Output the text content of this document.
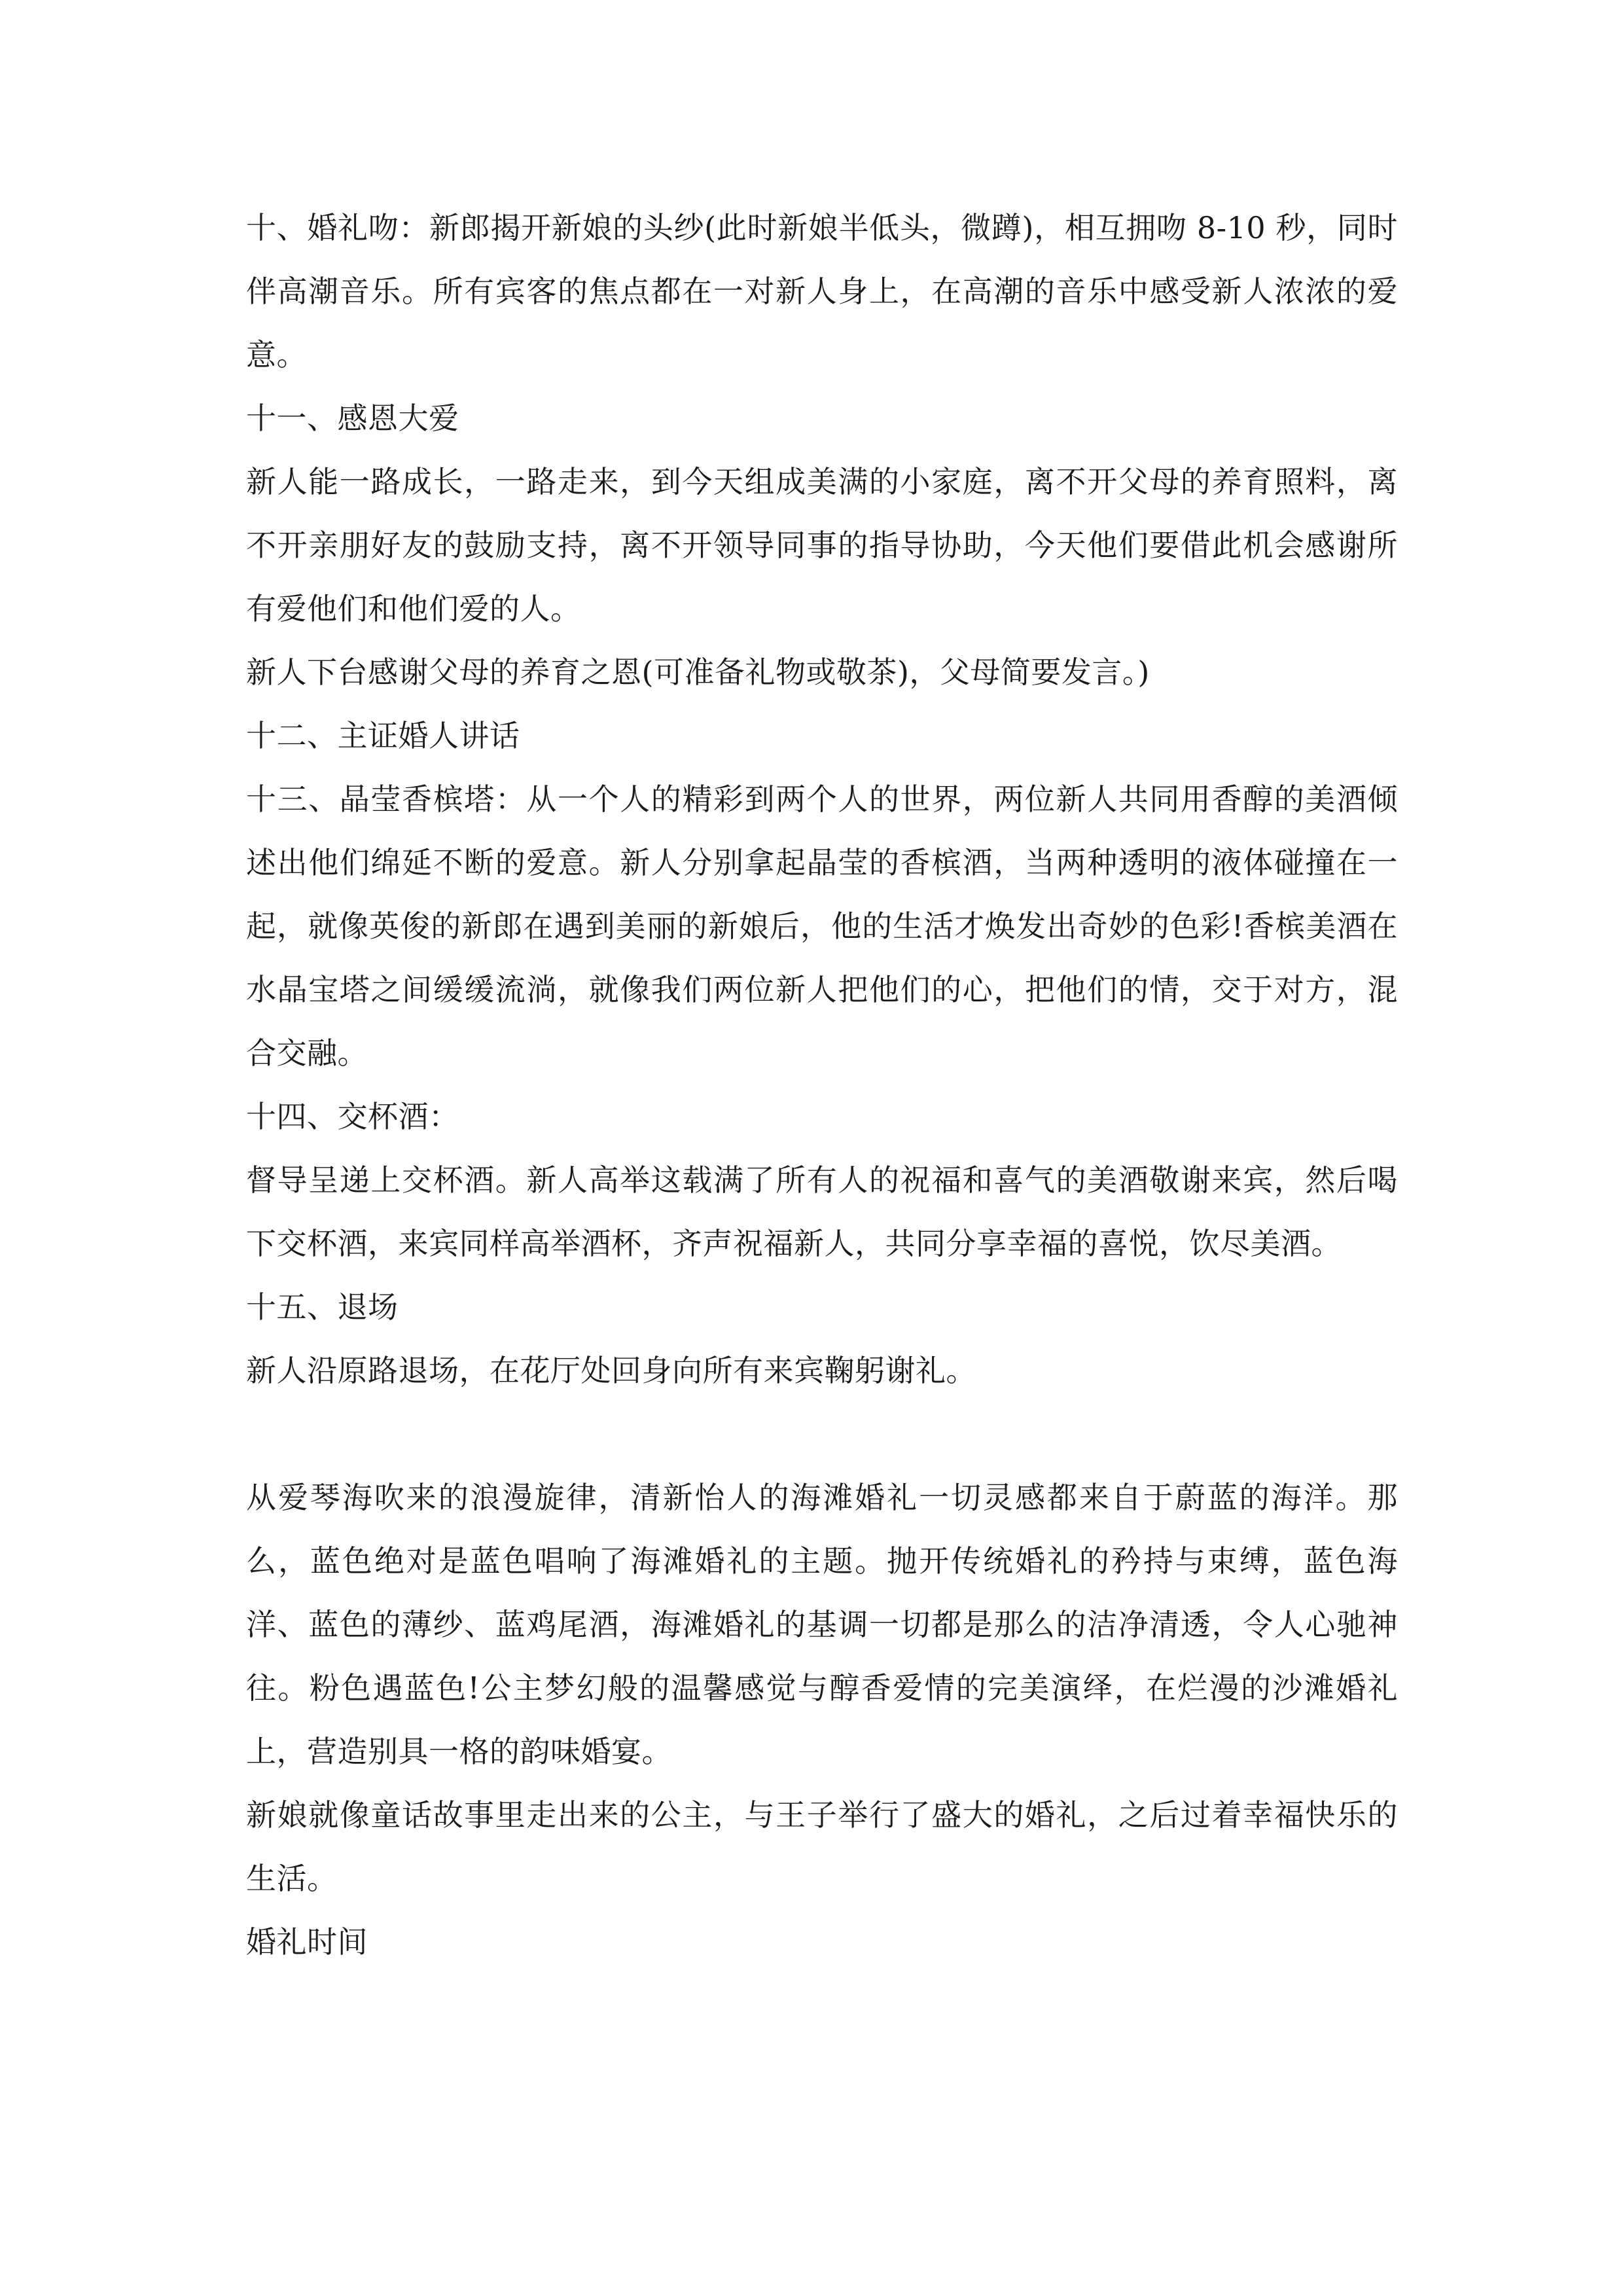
十、婚礼吻：新郎揭开新娘的头纱(此时新娘半低头，微蹲)，相互拥吻 8-10 秒，同时伴高潮音乐。所有宾客的焦点都在一对新人身上，在高潮的音乐中感受新人浓浓的爱意。

十一、感恩大爱

新人能一路成长，一路走来，到今天组成美满的小家庭，离不开父母的养育照料，离不开亲朋好友的鼓励支持，离不开领导同事的指导协助，今天他们要借此机会感谢所有爱他们和他们爱的人。

新人下台感谢父母的养育之恩(可准备礼物或敬茶)，父母简要发言。)

十二、主证婚人讲话

十三、晶莹香槟塔：从一个人的精彩到两个人的世界，两位新人共同用香醇的美酒倾述出他们绵延不断的爱意。新人分别拿起晶莹的香槟酒，当两种透明的液体碰撞在一起，就像英俊的新郎在遇到美丽的新娘后，他的生活才焕发出奇妙的色彩!香槟美酒在水晶宝塔之间缓缓流淌，就像我们两位新人把他们的心，把他们的情，交于对方，混合交融。

十四、交杯酒：

督导呈递上交杯酒。新人高举这载满了所有人的祝福和喜气的美酒敬谢来宾，然后喝下交杯酒，来宾同样高举酒杯，齐声祝福新人，共同分享幸福的喜悦，饮尽美酒。

十五、退场

新人沿原路退场，在花厅处回身向所有来宾鞠躬谢礼。

从爱琴海吹来的浪漫旋律，清新怡人的海滩婚礼一切灵感都来自于蔚蓝的海洋。那么，蓝色绝对是蓝色唱响了海滩婚礼的主题。抛开传统婚礼的矜持与束缚，蓝色海洋、蓝色的薄纱、蓝鸡尾酒，海滩婚礼的基调一切都是那么的洁净清透，令人心驰神往。粉色遇蓝色!公主梦幻般的温馨感觉与醇香爱情的完美演绎，在烂漫的沙滩婚礼上，营造别具一格的韵味婚宴。

新娘就像童话故事里走出来的公主，与王子举行了盛大的婚礼，之后过着幸福快乐的生活。

婚礼时间
